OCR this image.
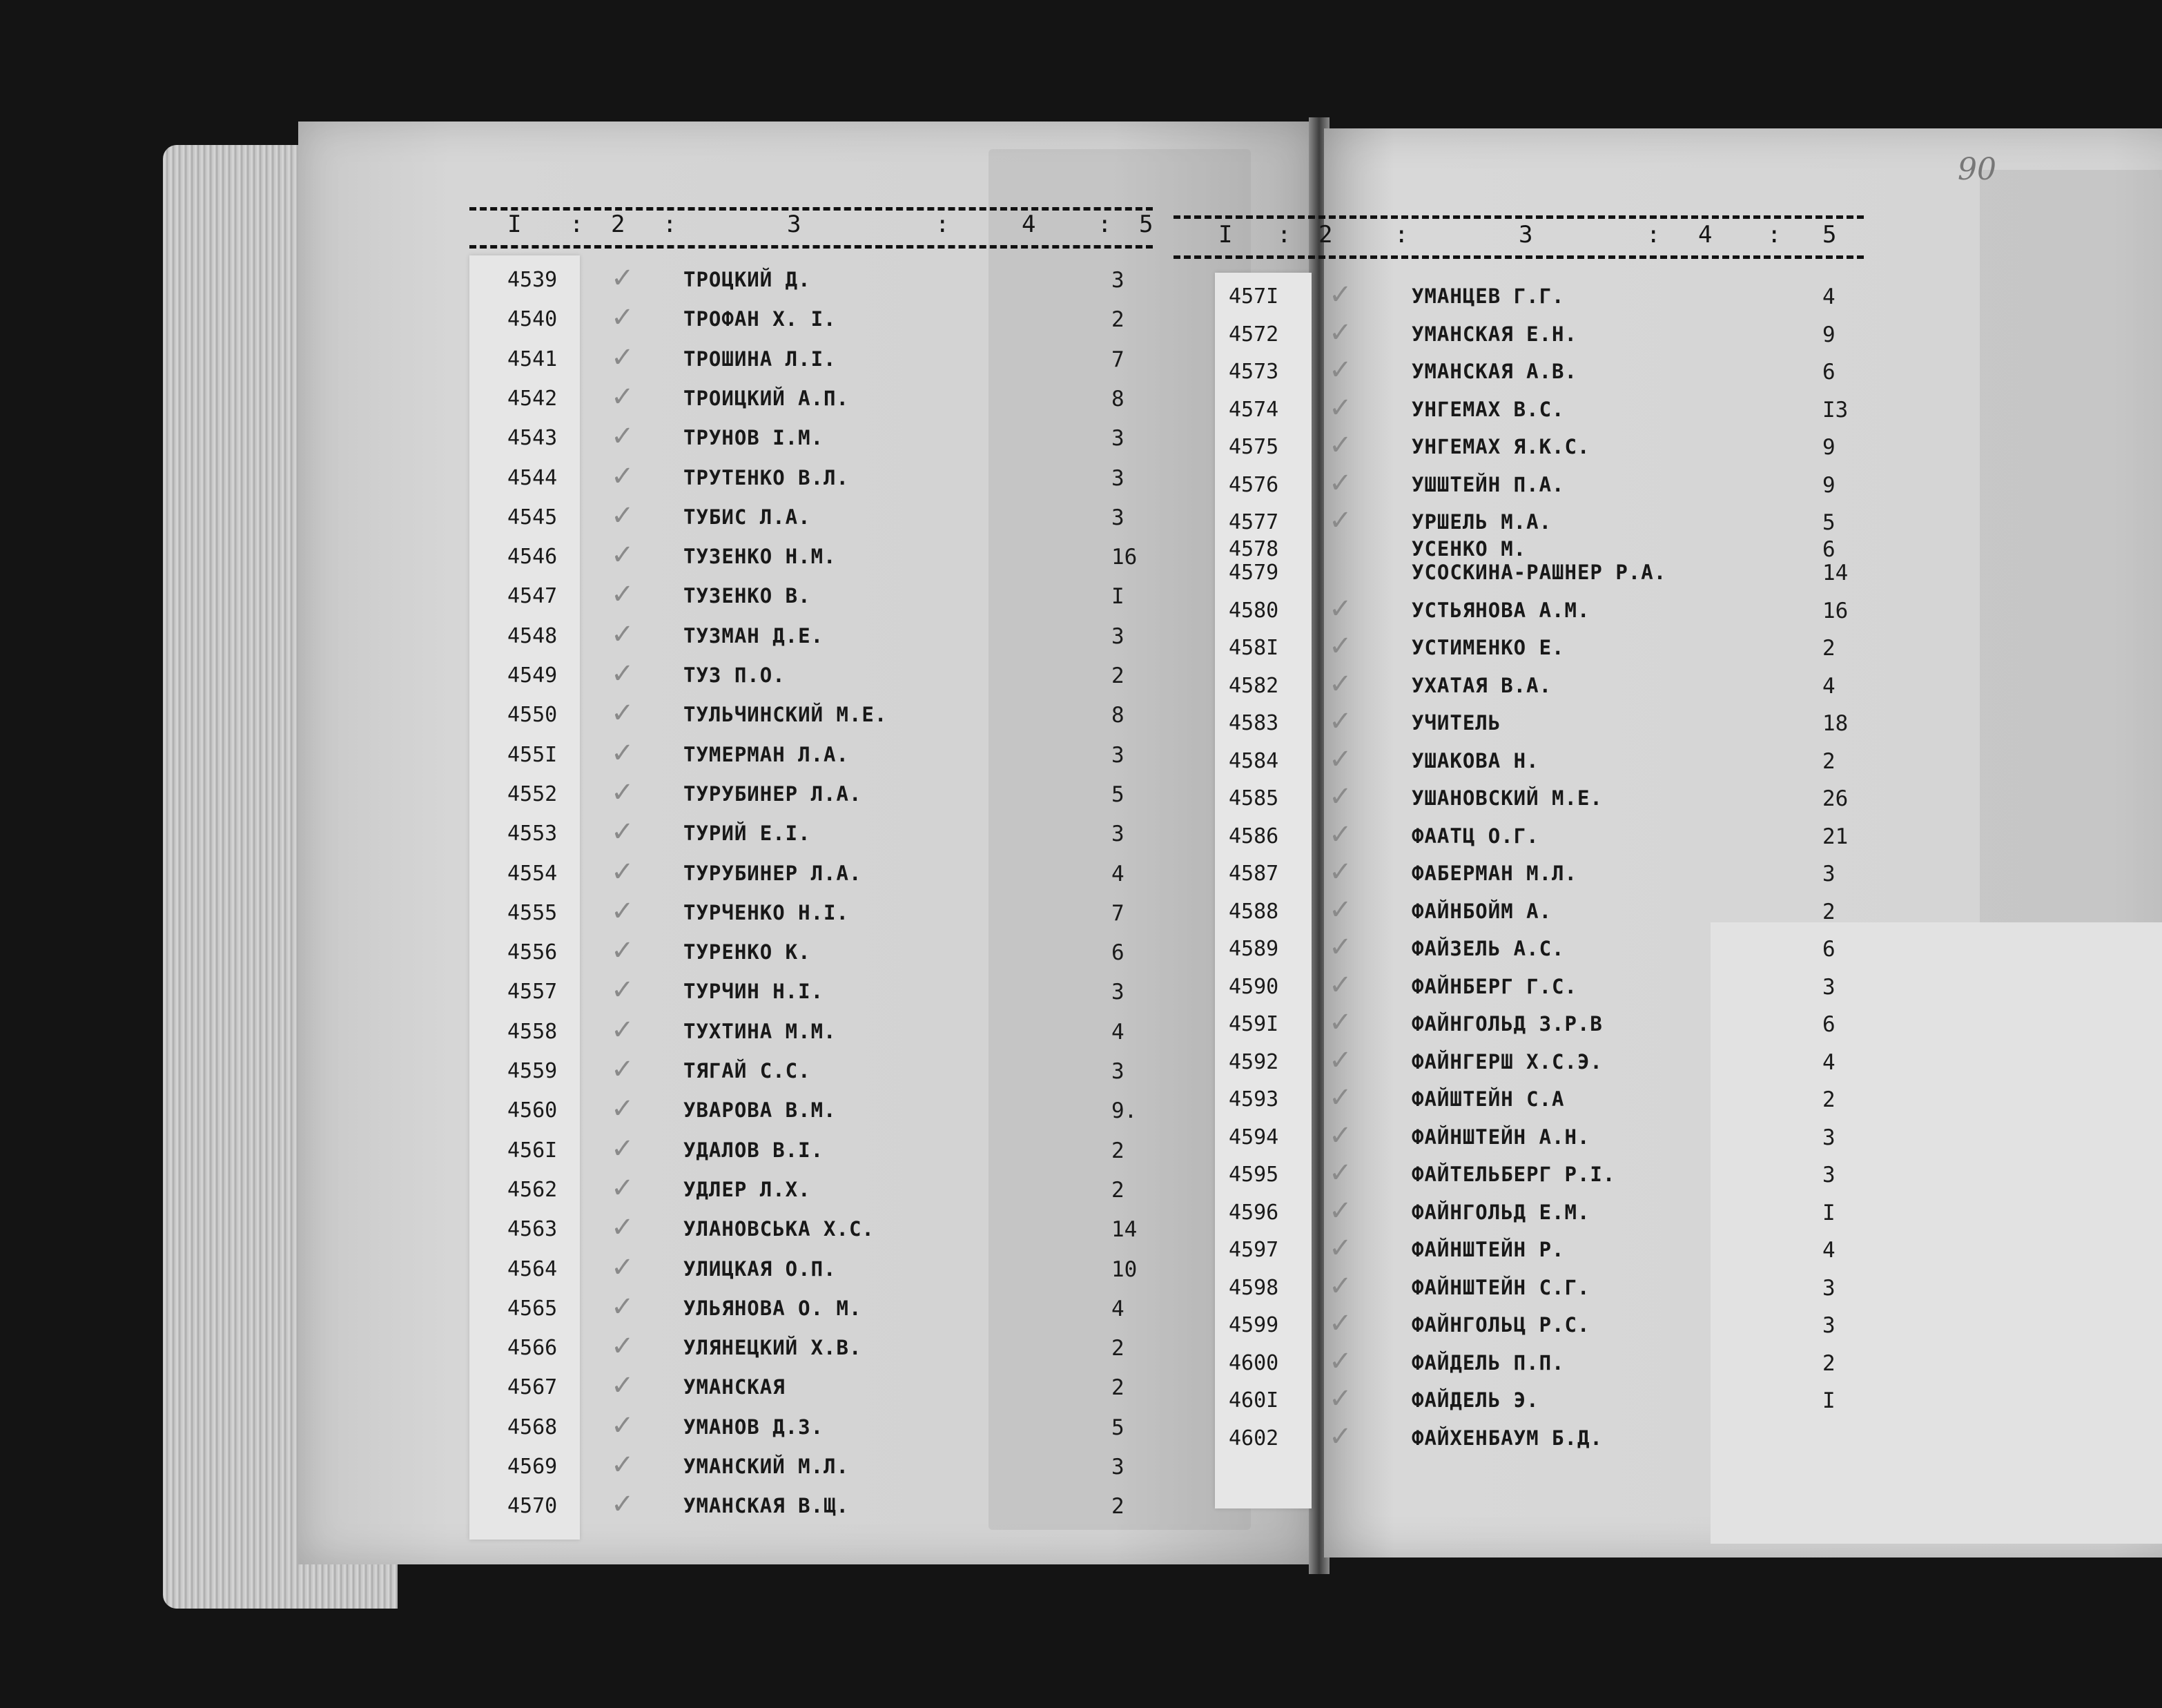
90
I : 2 :	3	:	4	: 5	I : 2	:	3	: 4 : 5
4539 ✓ ТРОЦКИЙ Д.	3
4540 ✓ ТРОФАН Х. I.	2
4541 ✓ ТРОШИНА Л.I.	7
4542 ✓ ТРОИЦКИЙ А.П.	8
4543 ✓ ТРУНОВ I.М.	3
4544 ✓ ТРУТЕНКО В.Л.	3
4545 ✓ ТУБИС Л.А.	3
4546 ✓ ТУЗЕНКО Н.М.	16
4547 ✓ ТУЗЕНКО В.	I
4548 ✓ ТУЗМАН Д.Е.	3
4549 ✓ ТУЗ П.О.	2
4550 ✓ ТУЛЬЧИНСКИЙ М.Е.	8
455I ✓ ТУМЕРМАН Л.А.	3
4552 ✓ ТУРУБИНЕР Л.А.	5
4553 ✓ ТУРИЙ Е.I.	3
4554 ✓ ТУРУБИНЕР Л.А.	4
4555 ✓ ТУРЧЕНКО Н.I.	7
4556 ✓ ТУРЕНКО К.	6
4557 ✓ ТУРЧИН Н.I.	3
4558 ✓ ТУХТИНА М.М.	4
4559 ✓ ТЯГАЙ С.С.	3
4560 ✓ УВАРОВА В.М.	9.
456I ✓ УДАЛОВ В.I.	2
4562 ✓ УДЛЕР Л.Х.	2
4563 ✓ УЛАНОВСЬКА Х.С.	14
4564 ✓ УЛИЦКАЯ О.П.	10
4565 ✓ УЛЬЯНОВА О. М.	4
4566 ✓ УЛЯНЕЦКИЙ Х.В.	2
4567 ✓ УМАНСКАЯ	2
4568 ✓ УМАНОВ Д.З.	5
4569 ✓ УМАНСКИЙ М.Л.	3
4570 ✓ УМАНСКАЯ В.Щ.	2
457I ✓	УМАНЦЕВ Г.Г.	4
4572 ✓	УМАНСКАЯ Е.Н.	9
4573 ✓	УМАНСКАЯ А.В.	6
4574 ✓	УНГЕМАХ В.С.	I3
4575 ✓	УНГЕМАХ Я.К.С.	9
4576 ✓	УШШТЕЙН П.А.	9
4577 ✓	УРШЕЛЬ М.А.	5
4578	УСЕНКО М.	6
4579	УСОСКИНА-РАШНЕР Р.А.	14
4580 ✓	УСТЬЯНОВА А.М.	16
458I ✓	УСТИМЕНКО Е.	2
4582 ✓	УХАТАЯ В.А.	4
4583 ✓	УЧИТЕЛЬ	18
4584 ✓	УШАКОВА Н.	2
4585 ✓	УШАНОВСКИЙ М.Е.	26
4586 ✓	ФААТЦ О.Г.	21
4587 ✓	ФАБЕРМАН М.Л.	3
4588 ✓	ФАЙНБОЙМ А.	2
4589 ✓	ФАЙЗЕЛЬ А.С.	6
4590 ✓	ФАЙНБЕРГ Г.С.	3
459I ✓	ФАЙНГОЛЬД З.Р.В	6
4592 ✓	ФАЙНГЕРШ Х.С.Э.	4
4593 ✓	ФАЙШТЕЙН С.А	2
4594 ✓	ФАЙНШТЕЙН А.Н.	3
4595 ✓	ФАЙТЕЛЬБЕРГ Р.I.	3
4596 ✓	ФАЙНГОЛЬД Е.М.	I
4597 ✓	ФАЙНШТЕЙН Р.	4
4598 ✓	ФАЙНШТЕЙН С.Г.	3
4599 ✓	ФАЙНГОЛЬЦ Р.С.	3
4600 ✓	ФАЙДЕЛЬ П.П.	2
460I ✓	ФАЙДЕЛЬ Э.	I
4602 ✓	ФАЙХЕНБАУМ Б.Д.
